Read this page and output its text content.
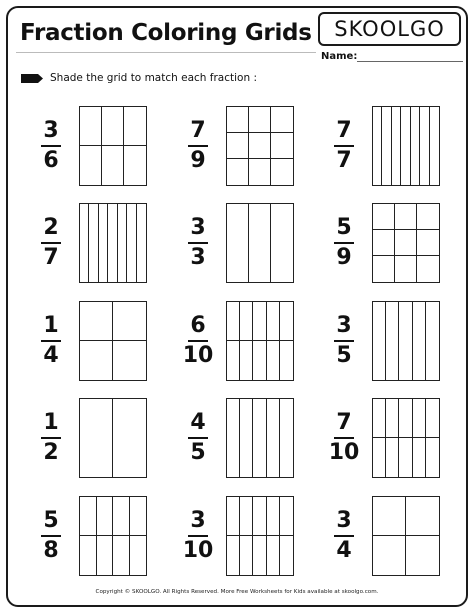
Fraction Coloring Grids	SKOOLGO
Name:
Shade the grid to match each fraction :
3
6
7
9
7
7
2
7
3
3
5
9
1
4
6
10
3
5
1
2
4
5
7
10
5
8
3
10
3
4
Copyright © SKOOLGO. All Rights Reserved. More Free Worksheets for Kids available at skoolgo.com.
